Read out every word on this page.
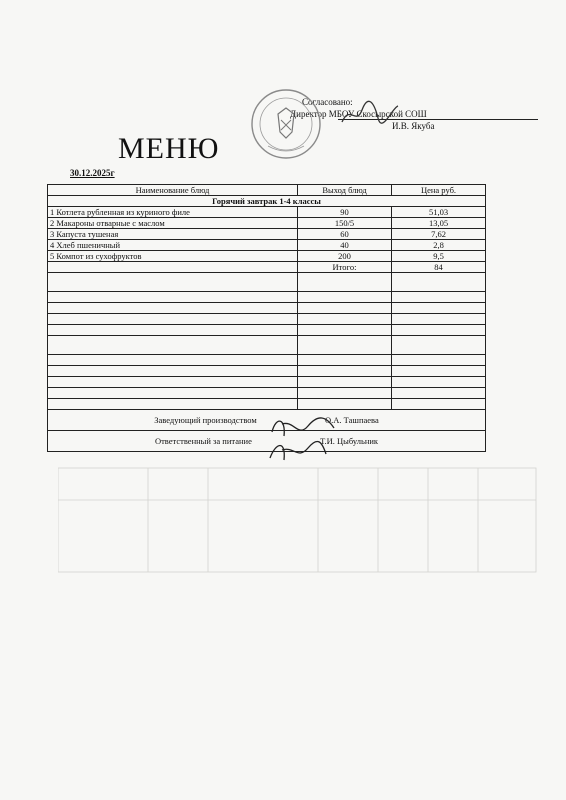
Согласовано:
Директор МБОУ Скосырской СОШ
И.В. Якуба
МЕНЮ
30.12.2025г
Наименование блюд	Выход блюд	Цена руб.
Горячий завтрак 1-4 классы		
1 Котлета рубленная из куриного филе	90	51,03
2 Макароны отварные с маслом	150/5	13,05
3 Капуста тушеная	60	7,62
4 Хлеб пшеничный	40	2,8
5 Компот из сухофруктов	200	9,5
	Итого:	84

Заведующий производством О.А. Ташпаева		
Ответственный за питание Т.И. Цыбульник		
